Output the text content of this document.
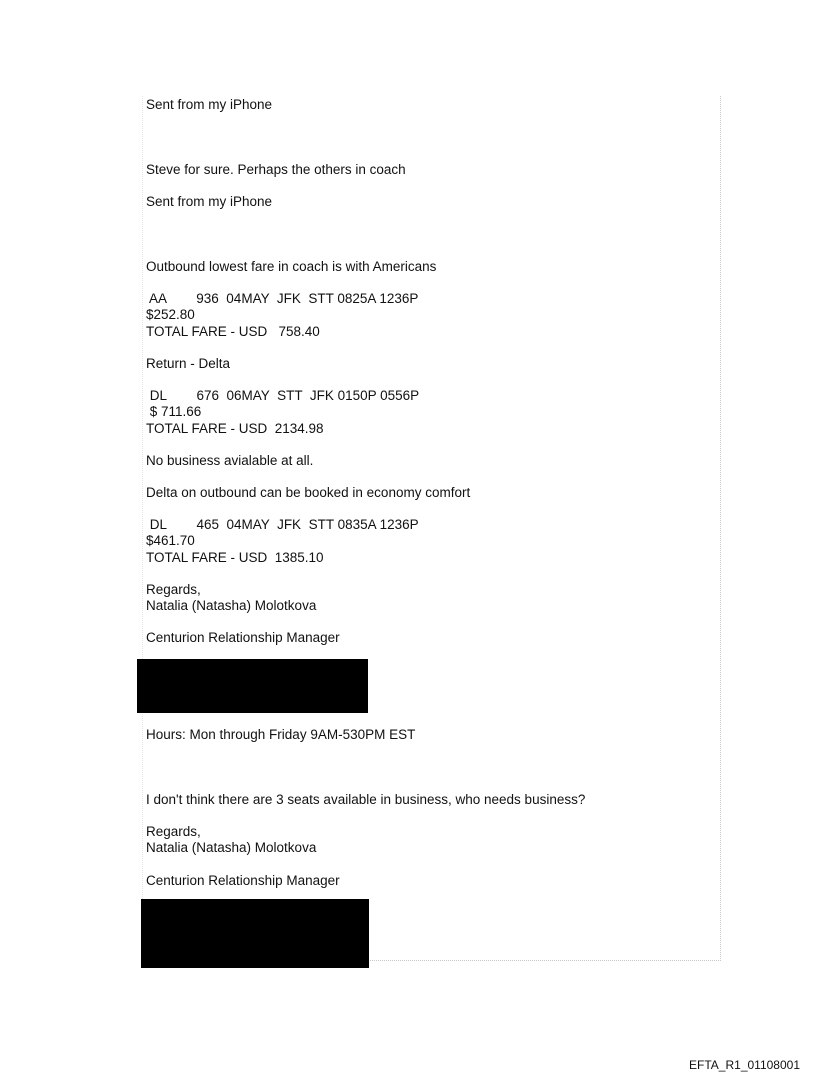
Sent from my iPhone

Steve for sure. Perhaps the others in coach

Sent from my iPhone

Outbound lowest fare in coach is with Americans

AA        936  04MAY  JFK  STT 0825A 1236P

$252.80

TOTAL FARE - USD   758.40

Return - Delta

DL        676  06MAY  STT  JFK 0150P 0556P

$ 711.66

TOTAL FARE - USD  2134.98

No business avialable at all.

Delta on outbound can be booked in economy comfort

DL        465  04MAY  JFK  STT 0835A 1236P

$461.70

TOTAL FARE - USD  1385.10

Regards,

Natalia (Natasha) Molotkova

Centurion Relationship Manager

Hours: Mon through Friday 9AM-530PM EST

I don't think there are 3 seats available in business, who needs business?

Regards,

Natalia (Natasha) Molotkova

Centurion Relationship Manager

EFTA_R1_01108001
